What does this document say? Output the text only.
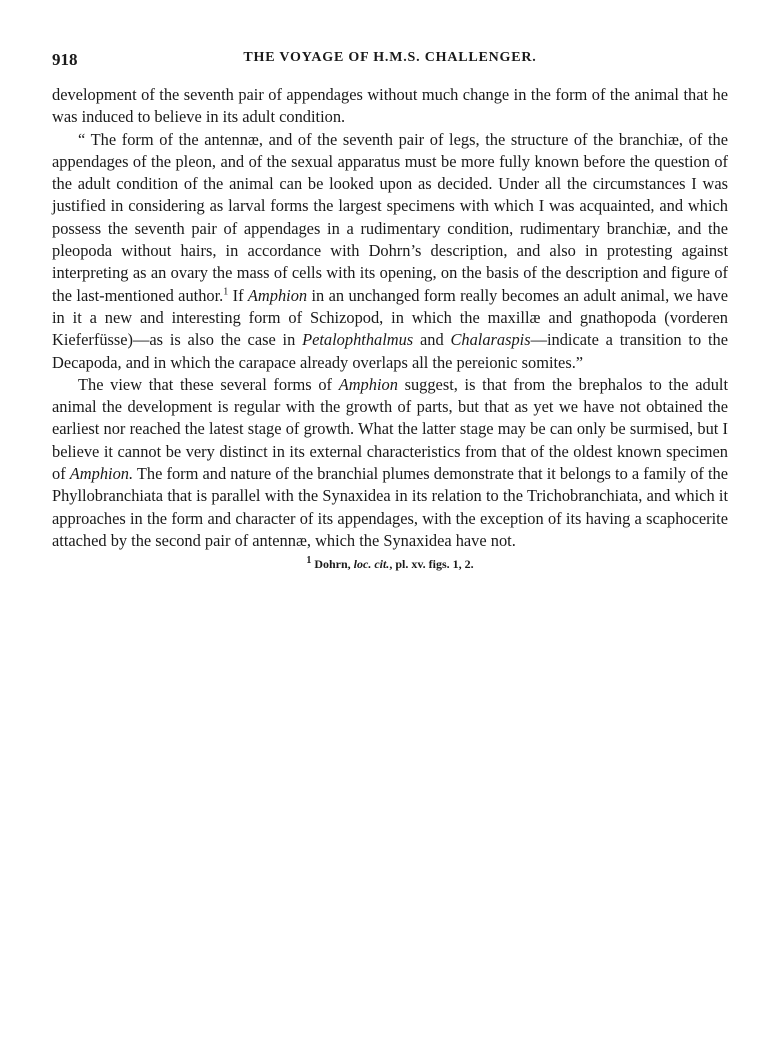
918	THE VOYAGE OF H.M.S. CHALLENGER.

development of the seventh pair of appendages without much change in the form of the animal that he was induced to believe in its adult condition.

“ The form of the antennæ, and of the seventh pair of legs, the structure of the branchiæ, of the appendages of the pleon, and of the sexual apparatus must be more fully known before the question of the adult condition of the animal can be looked upon as decided. Under all the circumstances I was justified in considering as larval forms the largest specimens with which I was acquainted, and which possess the seventh pair of appendages in a rudimentary condition, rudimentary branchiæ, and the pleopoda without hairs, in accordance with Dohrn’s description, and also in protesting against interpreting as an ovary the mass of cells with its opening, on the basis of the description and figure of the last-mentioned author.$^1$ If Amphion in an unchanged form really becomes an adult animal, we have in it a new and interesting form of Schizopod, in which the maxillæ and gnathopoda (vorderen Kieferfüsse)—as is also the case in Petalophthalmus and Chalaraspis—indicate a transition to the Decapoda, and in which the carapace already overlaps all the pereionic somites.”

The view that these several forms of Amphion suggest, is that from the brephalos to the adult animal the development is regular with the growth of parts, but that as yet we have not obtained the earliest nor reached the latest stage of growth. What the latter stage may be can only be surmised, but I believe it cannot be very distinct in its external characteristics from that of the oldest known specimen of Amphion. The form and nature of the branchial plumes demonstrate that it belongs to a family of the Phyllobranchiata that is parallel with the Synaxidea in its relation to the Trichobranchiata, and which it approaches in the form and character of its appendages, with the exception of its having a scaphocerite attached by the second pair of antennæ, which the Synaxidea have not.

$^1$ Dohrn, loc. cit., pl. xv. figs. 1, 2.
